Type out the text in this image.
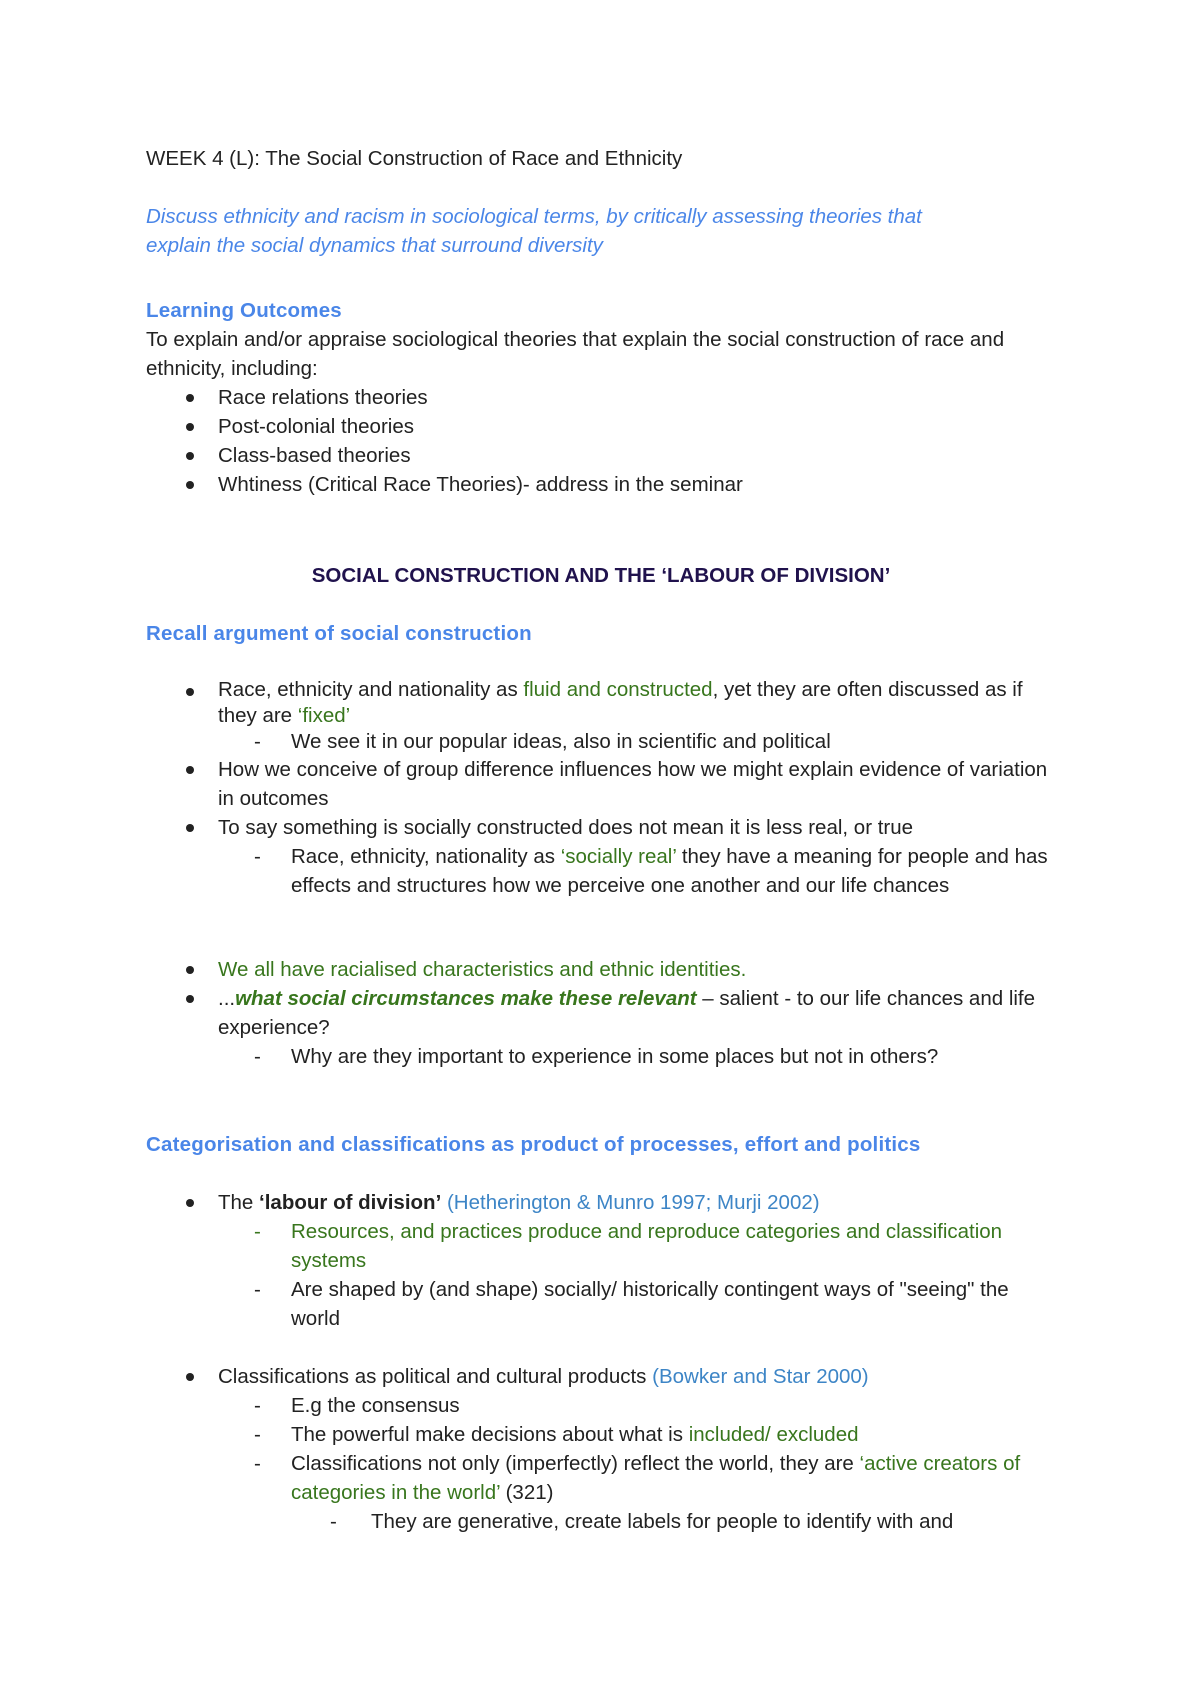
WEEK 4 (L): The Social Construction of Race and Ethnicity

Discuss ethnicity and racism in sociological terms, by critically assessing theories that
explain the social dynamics that surround diversity

Learning Outcomes

To explain and/or appraise sociological theories that explain the social construction of race and ethnicity, including:

Race relations theories
Post-colonial theories
Class-based theories
Whtiness (Critical Race Theories)- address in the seminar

SOCIAL CONSTRUCTION AND THE ‘LABOUR OF DIVISION’

Recall argument of social construction

Race, ethnicity and nationality as fluid and constructed, yet they are often discussed as if they are ‘fixed’
- We see it in our popular ideas, also in scientific and political
How we conceive of group difference influences how we might explain evidence of variation in outcomes
To say something is socially constructed does not mean it is less real, or true
- Race, ethnicity, nationality as ‘socially real’ they have a meaning for people and has effects and structures how we perceive one another and our life chances
We all have racialised characteristics and ethnic identities.
...what social circumstances make these relevant – salient - to our life chances and life experience?
- Why are they important to experience in some places but not in others?

Categorisation and classifications as product of processes, effort and politics

The ‘labour of division’ (Hetherington & Munro 1997; Murji 2002)
- Resources, and practices produce and reproduce categories and classification systems
- Are shaped by (and shape) socially/ historically contingent ways of "seeing" the world
Classifications as political and cultural products (Bowker and Star 2000)
- E.g the consensus
- The powerful make decisions about what is included/ excluded
- Classifications not only (imperfectly) reflect the world, they are ‘active creators of categories in the world’ (321)
- They are generative, create labels for people to identify with and
